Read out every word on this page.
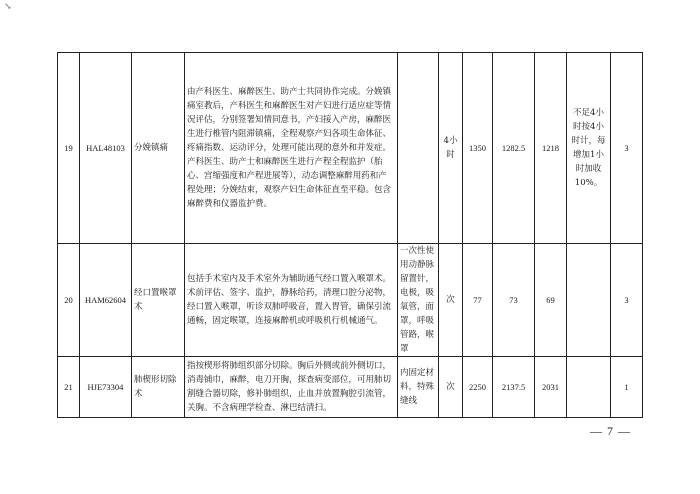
↘
19	HAL48103	分娩镇痛	由产科医生、麻醉医生、助产士共同协作完成。分娩镇痛室教后，产科医生和麻醉医生对产妇进行适应症等情况评估，分别签署知情同意书，产妇接入产房，麻醉医生进行椎管内阻滞镇痛，全程观察产妇各项生命体征、疼痛指数、运动评分，处理可能出现的意外和并发症。产科医生、助产士和麻醉医生进行产程全程监护（胎心、宫缩强度和产程进展等），动态调整麻醉用药和产程处理；分娩结束，观察产妇生命体征直至平稳。包含麻醉费和仪器监护费。		4小时	1350	1282.5	1218	不足4小时按4小时计，每增加1小时加收10%。	3
20	HAM62604	经口置喉罩术	包括手术室内及手术室外为辅助通气经口置入喉罩术。术前评估、签字、监护，静脉给药，清理口腔分泌物，经口置入喉罩，听诊双肺呼吸音，置入胃管，确保引流通畅，固定喉罩，连接麻醉机或呼吸机行机械通气。	一次性使用动静脉留置针，电极，吸氧管，面罩，呼吸管路，喉罩	次	77	73	69		3
21	HJE73304	肺楔形切除术	指按楔形将肺组织部分切除。胸后外侧或前外侧切口，消毒铺巾，麻醉，电刀开胸，探查病变部位，可用肺切割缝合器切除，修补肺组织，止血并放置胸腔引流管，关胸。不含病理学检查、淋巴结清扫。	内固定材料，特殊缝线	次	2250	2137.5	2031		1
— 7 —
